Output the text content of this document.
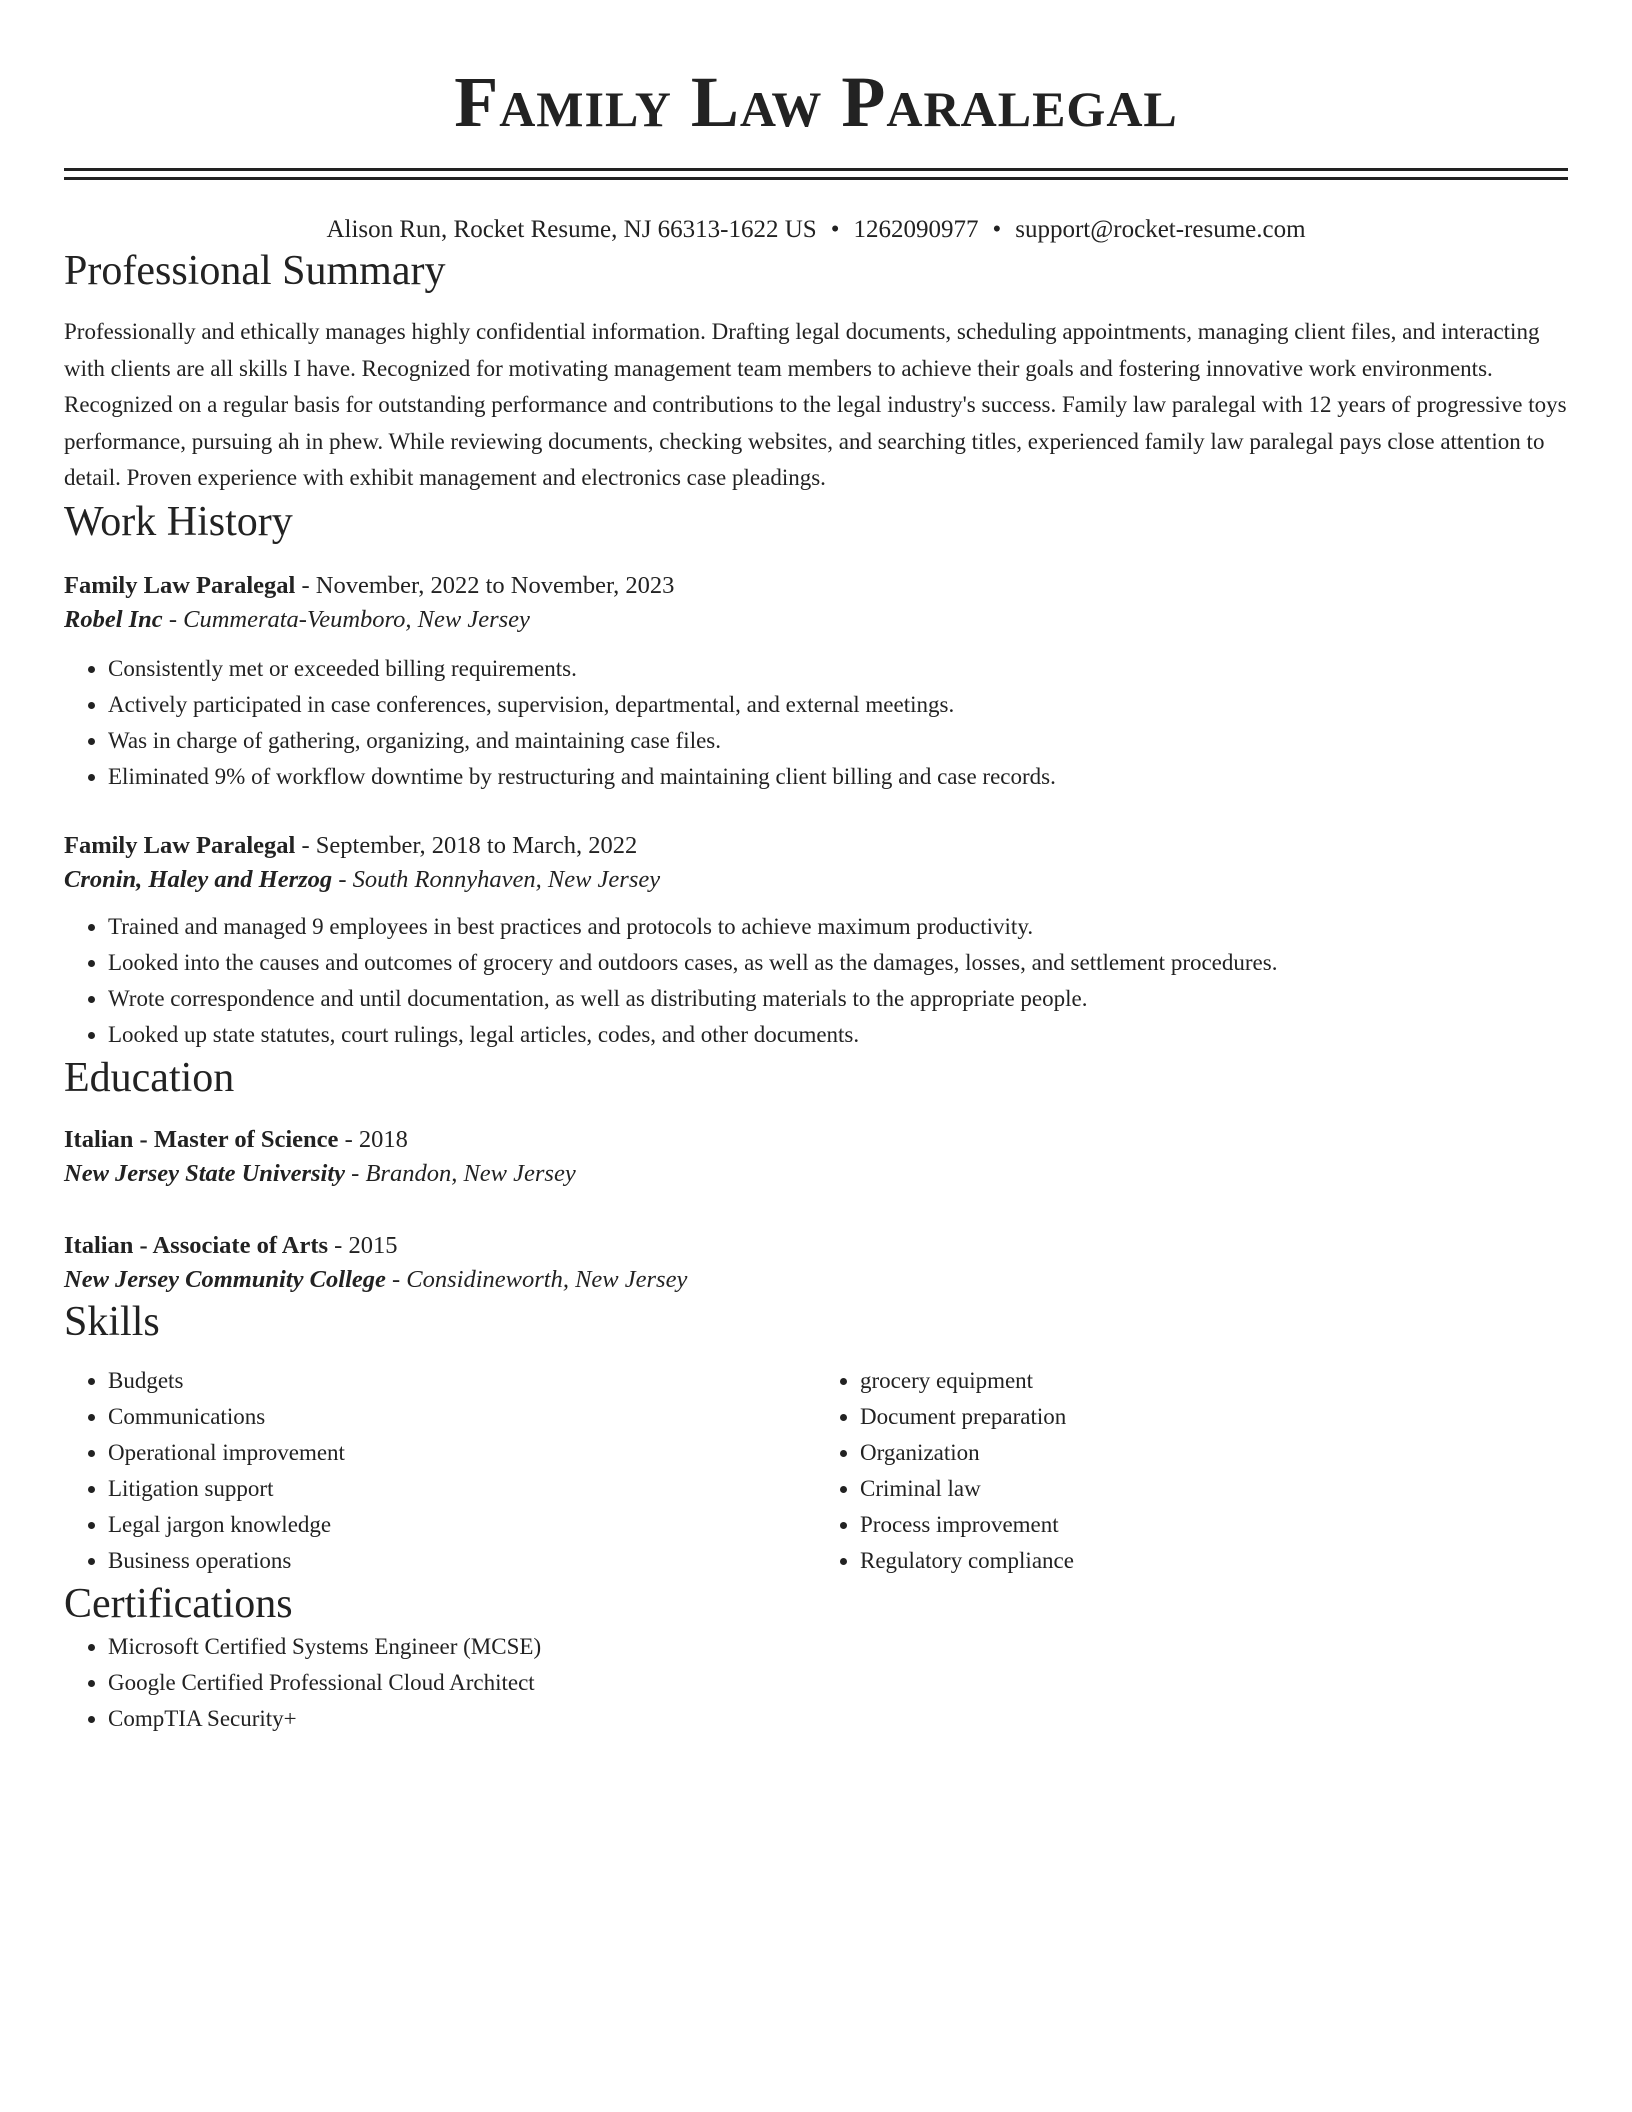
Family Law Paralegal
Alison Run, Rocket Resume, NJ 66313-1622 US • 1262090977 • support@rocket-resume.com
Professional Summary

Professionally and ethically manages highly confidential information. Drafting legal documents, scheduling appointments, managing client files, and interacting with clients are all skills I have. Recognized for motivating management team members to achieve their goals and fostering innovative work environments. Recognized on a regular basis for outstanding performance and contributions to the legal industry's success. Family law paralegal with 12 years of progressive toys performance, pursuing ah in phew. While reviewing documents, checking websites, and searching titles, experienced family law paralegal pays close attention to detail. Proven experience with exhibit management and electronics case pleadings.

Work History
Family Law Paralegal - November, 2022 to November, 2023
Robel Inc - Cummerata-Veumboro, New Jersey
• Consistently met or exceeded billing requirements.
• Actively participated in case conferences, supervision, departmental, and external meetings.
• Was in charge of gathering, organizing, and maintaining case files.
• Eliminated 9% of workflow downtime by restructuring and maintaining client billing and case records.
Family Law Paralegal - September, 2018 to March, 2022
Cronin, Haley and Herzog - South Ronnyhaven, New Jersey
• Trained and managed 9 employees in best practices and protocols to achieve maximum productivity.
• Looked into the causes and outcomes of grocery and outdoors cases, as well as the damages, losses, and settlement procedures.
• Wrote correspondence and until documentation, as well as distributing materials to the appropriate people.
• Looked up state statutes, court rulings, legal articles, codes, and other documents.
Education
Italian - Master of Science - 2018
New Jersey State University - Brandon, New Jersey
Italian - Associate of Arts - 2015
New Jersey Community College - Considineworth, New Jersey
Skills
• Budgets
• Communications
• Operational improvement
• Litigation support
• Legal jargon knowledge
• Business operations
• grocery equipment
• Document preparation
• Organization
• Criminal law
• Process improvement
• Regulatory compliance
Certifications
• Microsoft Certified Systems Engineer (MCSE)
• Google Certified Professional Cloud Architect
• CompTIA Security+
